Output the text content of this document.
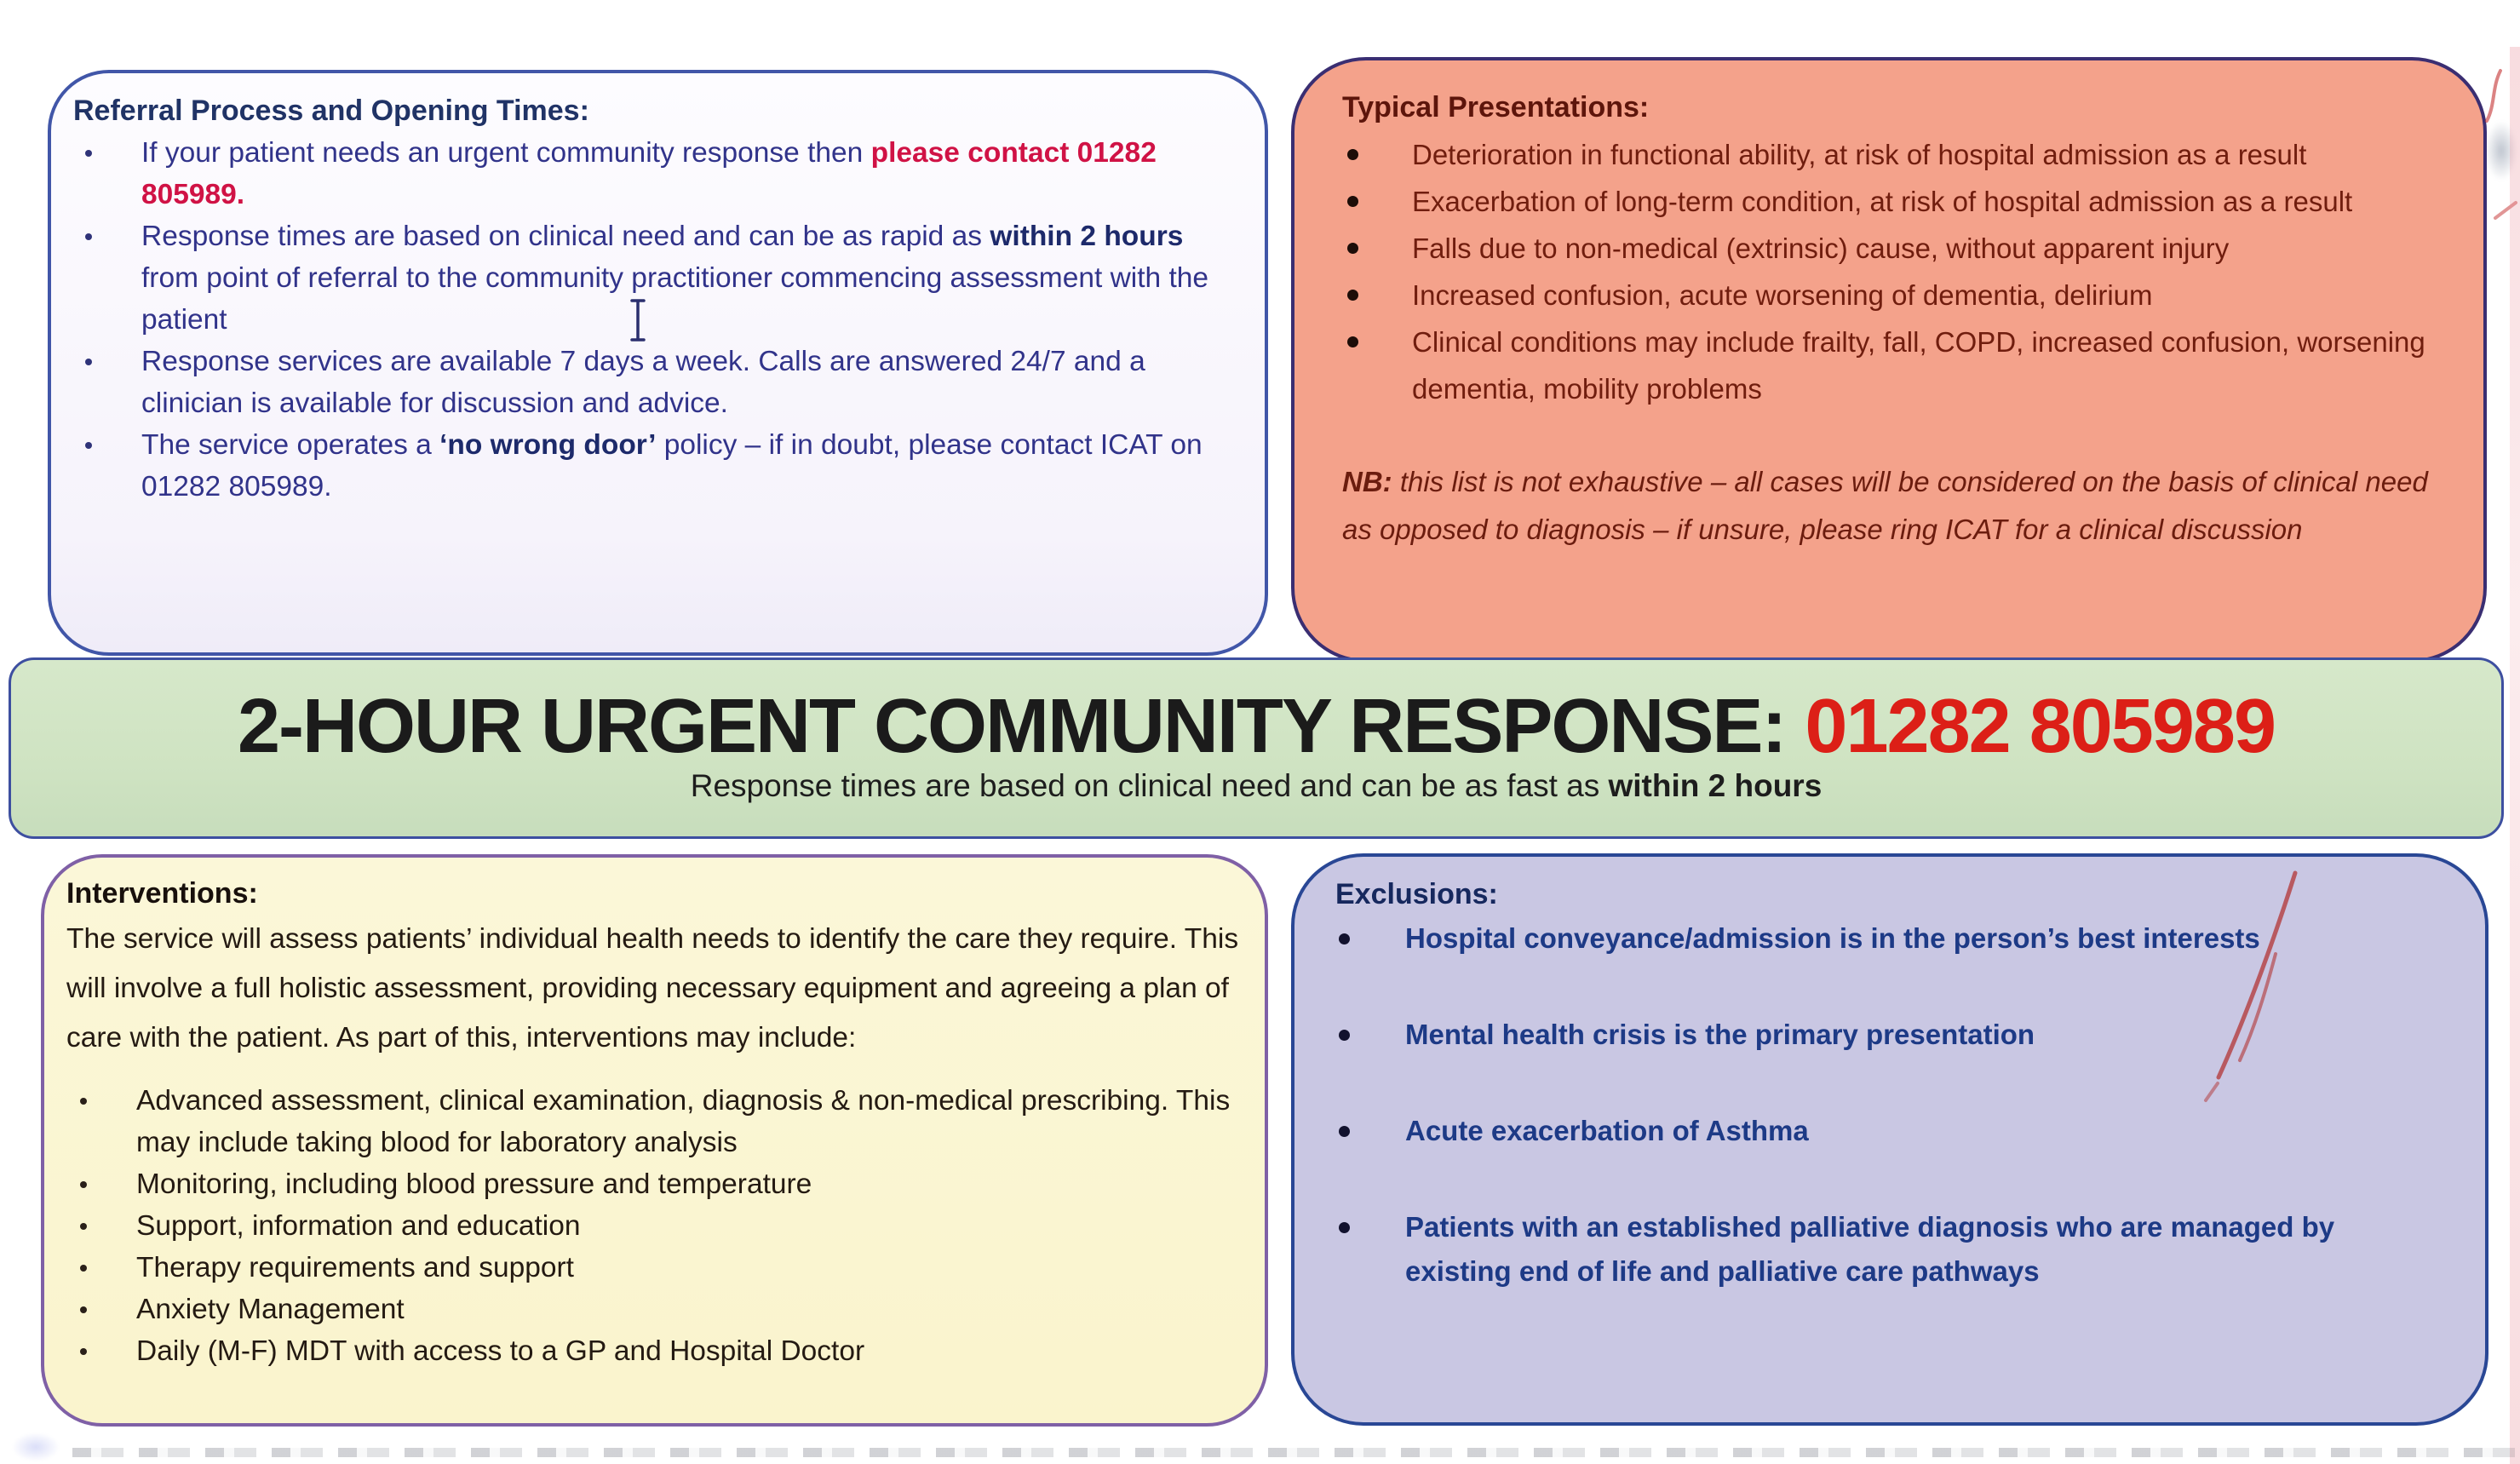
Referral Process and Opening Times:
If your patient needs an urgent community response then please contact 01282 805989.
Response times are based on clinical need and can be as rapid as within 2 hours from point of referral to the community practitioner commencing assessment with the patient
Response services are available 7 days a week. Calls are answered 24/7 and a clinician is available for discussion and advice.
The service operates a ‘no wrong door’ policy – if in doubt, please contact ICAT on 01282 805989.
Typical Presentations:
Deterioration in functional ability, at risk of hospital admission as a result
Exacerbation of long-term condition, at risk of hospital admission as a result
Falls due to non-medical (extrinsic) cause, without apparent injury
Increased confusion, acute worsening of dementia, delirium
Clinical conditions may include frailty, fall, COPD, increased confusion, worsening dementia, mobility problems
NB: this list is not exhaustive – all cases will be considered on the basis of clinical need as opposed to diagnosis – if unsure, please ring ICAT for a clinical discussion
2-HOUR URGENT COMMUNITY RESPONSE: 01282 805989
Response times are based on clinical need and can be as fast as within 2 hours
Interventions:
The service will assess patients’ individual health needs to identify the care they require. This will involve a full holistic assessment, providing necessary equipment and agreeing a plan of care with the patient. As part of this, interventions may include:
Advanced assessment, clinical examination, diagnosis & non-medical prescribing. This may include taking blood for laboratory analysis
Monitoring, including blood pressure and temperature
Support, information and education
Therapy requirements and support
Anxiety Management
Daily (M-F) MDT with access to a GP and Hospital Doctor
Exclusions:
Hospital conveyance/admission is in the person’s best interests
Mental health crisis is the primary presentation
Acute exacerbation of Asthma
Patients with an established palliative diagnosis who are managed by existing end of life and palliative care pathways
